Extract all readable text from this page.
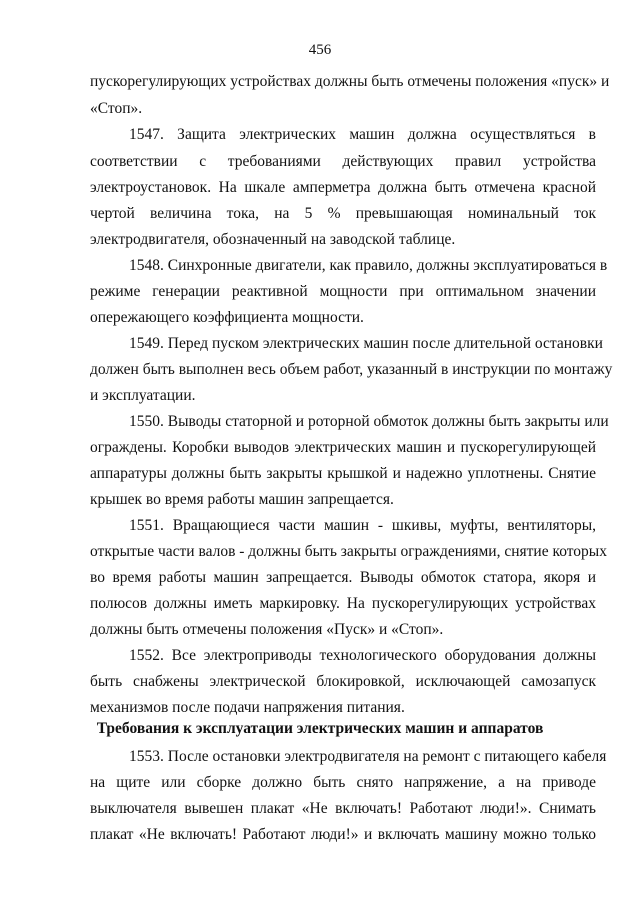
456
пускорегулирующих устройствах должны быть отмечены положения «пуск» и
«Стоп».
1547. Защита электрических машин должна осуществляться в
соответствии с требованиями действующих правил устройства
электроустановок. На шкале амперметра должна быть отмечена красной
чертой величина тока, на 5 % превышающая номинальный ток
электродвигателя, обозначенный на заводской таблице.
1548. Синхронные двигатели, как правило, должны эксплуатироваться в
режиме генерации реактивной мощности при оптимальном значении
опережающего коэффициента мощности.
1549. Перед пуском электрических машин после длительной остановки
должен быть выполнен весь объем работ, указанный в инструкции по монтажу
и эксплуатации.
1550. Выводы статорной и роторной обмоток должны быть закрыты или
ограждены. Коробки выводов электрических машин и пускорегулирующей
аппаратуры должны быть закрыты крышкой и надежно уплотнены. Снятие
крышек во время работы машин запрещается.
1551. Вращающиеся части машин - шкивы, муфты, вентиляторы,
открытые части валов - должны быть закрыты ограждениями, снятие которых
во время работы машин запрещается. Выводы обмоток статора, якоря и
полюсов должны иметь маркировку. На пускорегулирующих устройствах
должны быть отмечены положения «Пуск» и «Стоп».
1552. Все электроприводы технологического оборудования должны
быть снабжены электрической блокировкой, исключающей самозапуск
механизмов после подачи напряжения питания.
Требования к эксплуатации электрических машин и аппаратов
1553. После остановки электродвигателя на ремонт с питающего кабеля
на щите или сборке должно быть снято напряжение, а на приводе
выключателя вывешен плакат «Не включать! Работают люди!». Снимать
плакат «Не включать! Работают люди!» и включать машину можно только
